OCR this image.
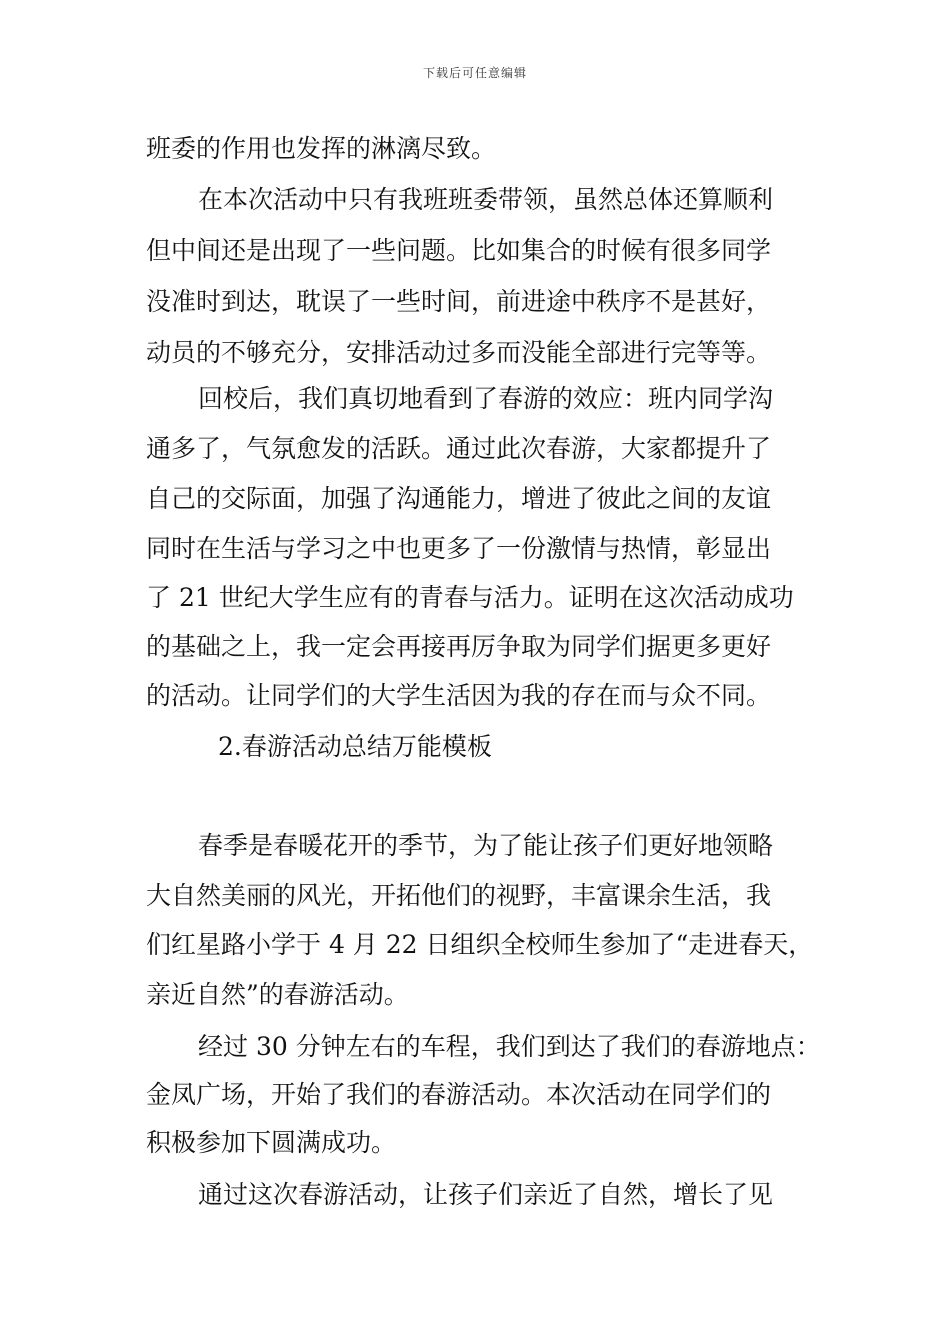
下载后可任意编辑
班委的作用也发挥的淋漓尽致。
在本次活动中只有我班班委带领，虽然总体还算顺利
但中间还是出现了一些问题。比如集合的时候有很多同学
没准时到达，耽误了一些时间，前进途中秩序不是甚好，
动员的不够充分，安排活动过多而没能全部进行完等等。
回校后，我们真切地看到了春游的效应：班内同学沟
通多了，气氛愈发的活跃。通过此次春游，大家都提升了
自己的交际面，加强了沟通能力，增进了彼此之间的友谊
同时在生活与学习之中也更多了一份激情与热情，彰显出
了 21 世纪大学生应有的青春与活力。证明在这次活动成功
的基础之上，我一定会再接再厉争取为同学们据更多更好
的活动。让同学们的大学生活因为我的存在而与众不同。
2.春游活动总结万能模板
春季是春暖花开的季节，为了能让孩子们更好地领略
大自然美丽的风光，开拓他们的视野，丰富课余生活，我
们红星路小学于 4 月 22 日组织全校师生参加了“走进春天，
亲近自然”的春游活动。
经过 30 分钟左右的车程，我们到达了我们的春游地点：
金凤广场，开始了我们的春游活动。本次活动在同学们的
积极参加下圆满成功。
通过这次春游活动，让孩子们亲近了自然，增长了见
